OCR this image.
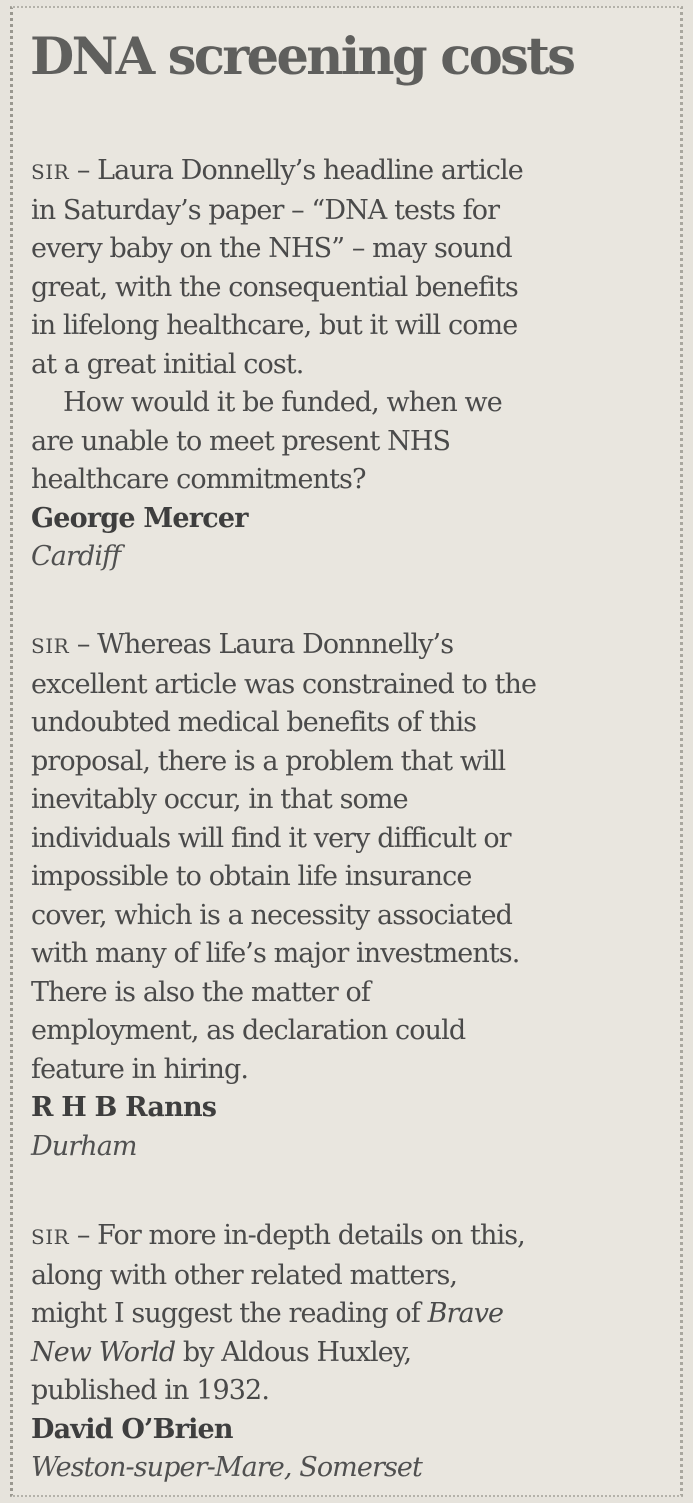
DNA screening costs
SIR – Laura Donnelly’s headline article
in Saturday’s paper – “DNA tests for
every baby on the NHS” – may sound
great, with the consequential benefits
in lifelong healthcare, but it will come
at a great initial cost.
How would it be funded, when we
are unable to meet present NHS
healthcare commitments?
George Mercer
Cardiff
SIR – Whereas Laura Donnnelly’s
excellent article was constrained to the
undoubted medical benefits of this
proposal, there is a problem that will
inevitably occur, in that some
individuals will find it very difficult or
impossible to obtain life insurance
cover, which is a necessity associated
with many of life’s major investments.
There is also the matter of
employment, as declaration could
feature in hiring.
R H B Ranns
Durham
SIR – For more in-depth details on this,
along with other related matters,
might I suggest the reading of Brave
New World by Aldous Huxley,
published in 1932.
David O’Brien
Weston-super-Mare, Somerset
